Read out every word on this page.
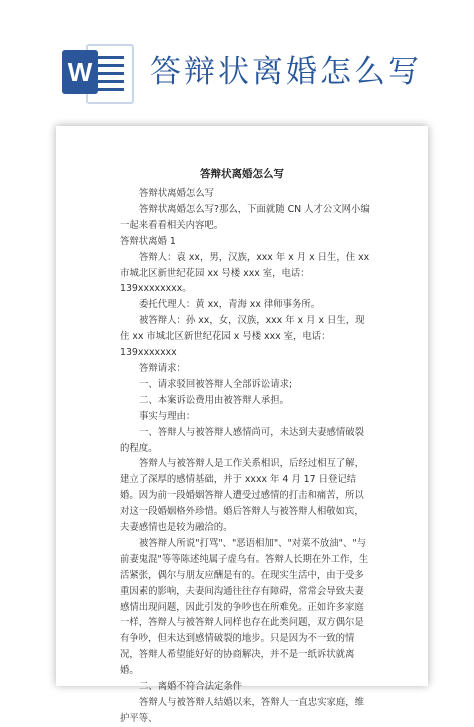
W 答辩状离婚怎么写
答辩状离婚怎么写

答辩状离婚怎么写

答辩状离婚怎么写?那么，下面就随 CN 人才公文网小编一起来看看相关内容吧。

答辩状离婚 1

答辩人：袁 xx，男，汉族，xxx 年 x 月 x 日生，住 xx 市城北区新世纪花园 xx 号楼 xxx 室，电话：139xxxxxxxx。

委托代理人：黄 xx，青海 xx 律师事务所。

被答辩人：孙 xx，女，汉族，xxx 年 x 月 x 日生，现住 xx 市城北区新世纪花园 x 号楼 xxx 室，电话：139xxxxxxx

答辩请求：

一、请求驳回被答辩人全部诉讼请求;

二、本案诉讼费用由被答辩人承担。

事实与理由：

一、答辩人与被答辩人感情尚可，未达到夫妻感情破裂的程度。

答辩人与被答辩人是工作关系相识，后经过相互了解，建立了深厚的感情基础，并于 xxxx 年 4 月 17 日登记结婚。因为前一段婚姻答辩人遭受过感情的打击和痛苦，所以对这一段婚姻格外珍惜。婚后答辩人与被答辩人相敬如宾，夫妻感情也是较为融洽的。

被答辩人所说"打骂"、"恶语相加"、"对菜不放油"、"与前妻鬼混"等等陈述纯属子虚乌有。答辩人长期在外工作，生活紧张，偶尔与朋友应酬是有的。在现实生活中，由于受多重因素的影响，夫妻间沟通往往存有障碍，常常会导致夫妻感情出现问题，因此引发的争吵也在所难免。正如许多家庭一样，答辩人与被答辩人同样也存在此类问题，双方偶尔是有争吵，但未达到感情破裂的地步。只是因为不一致的情况，答辩人希望能好好的协商解决，并不是一纸诉状就离婚。

二、离婚不符合法定条件

答辩人与被答辩人结婚以来，答辩人一直忠实家庭，维护平等、
